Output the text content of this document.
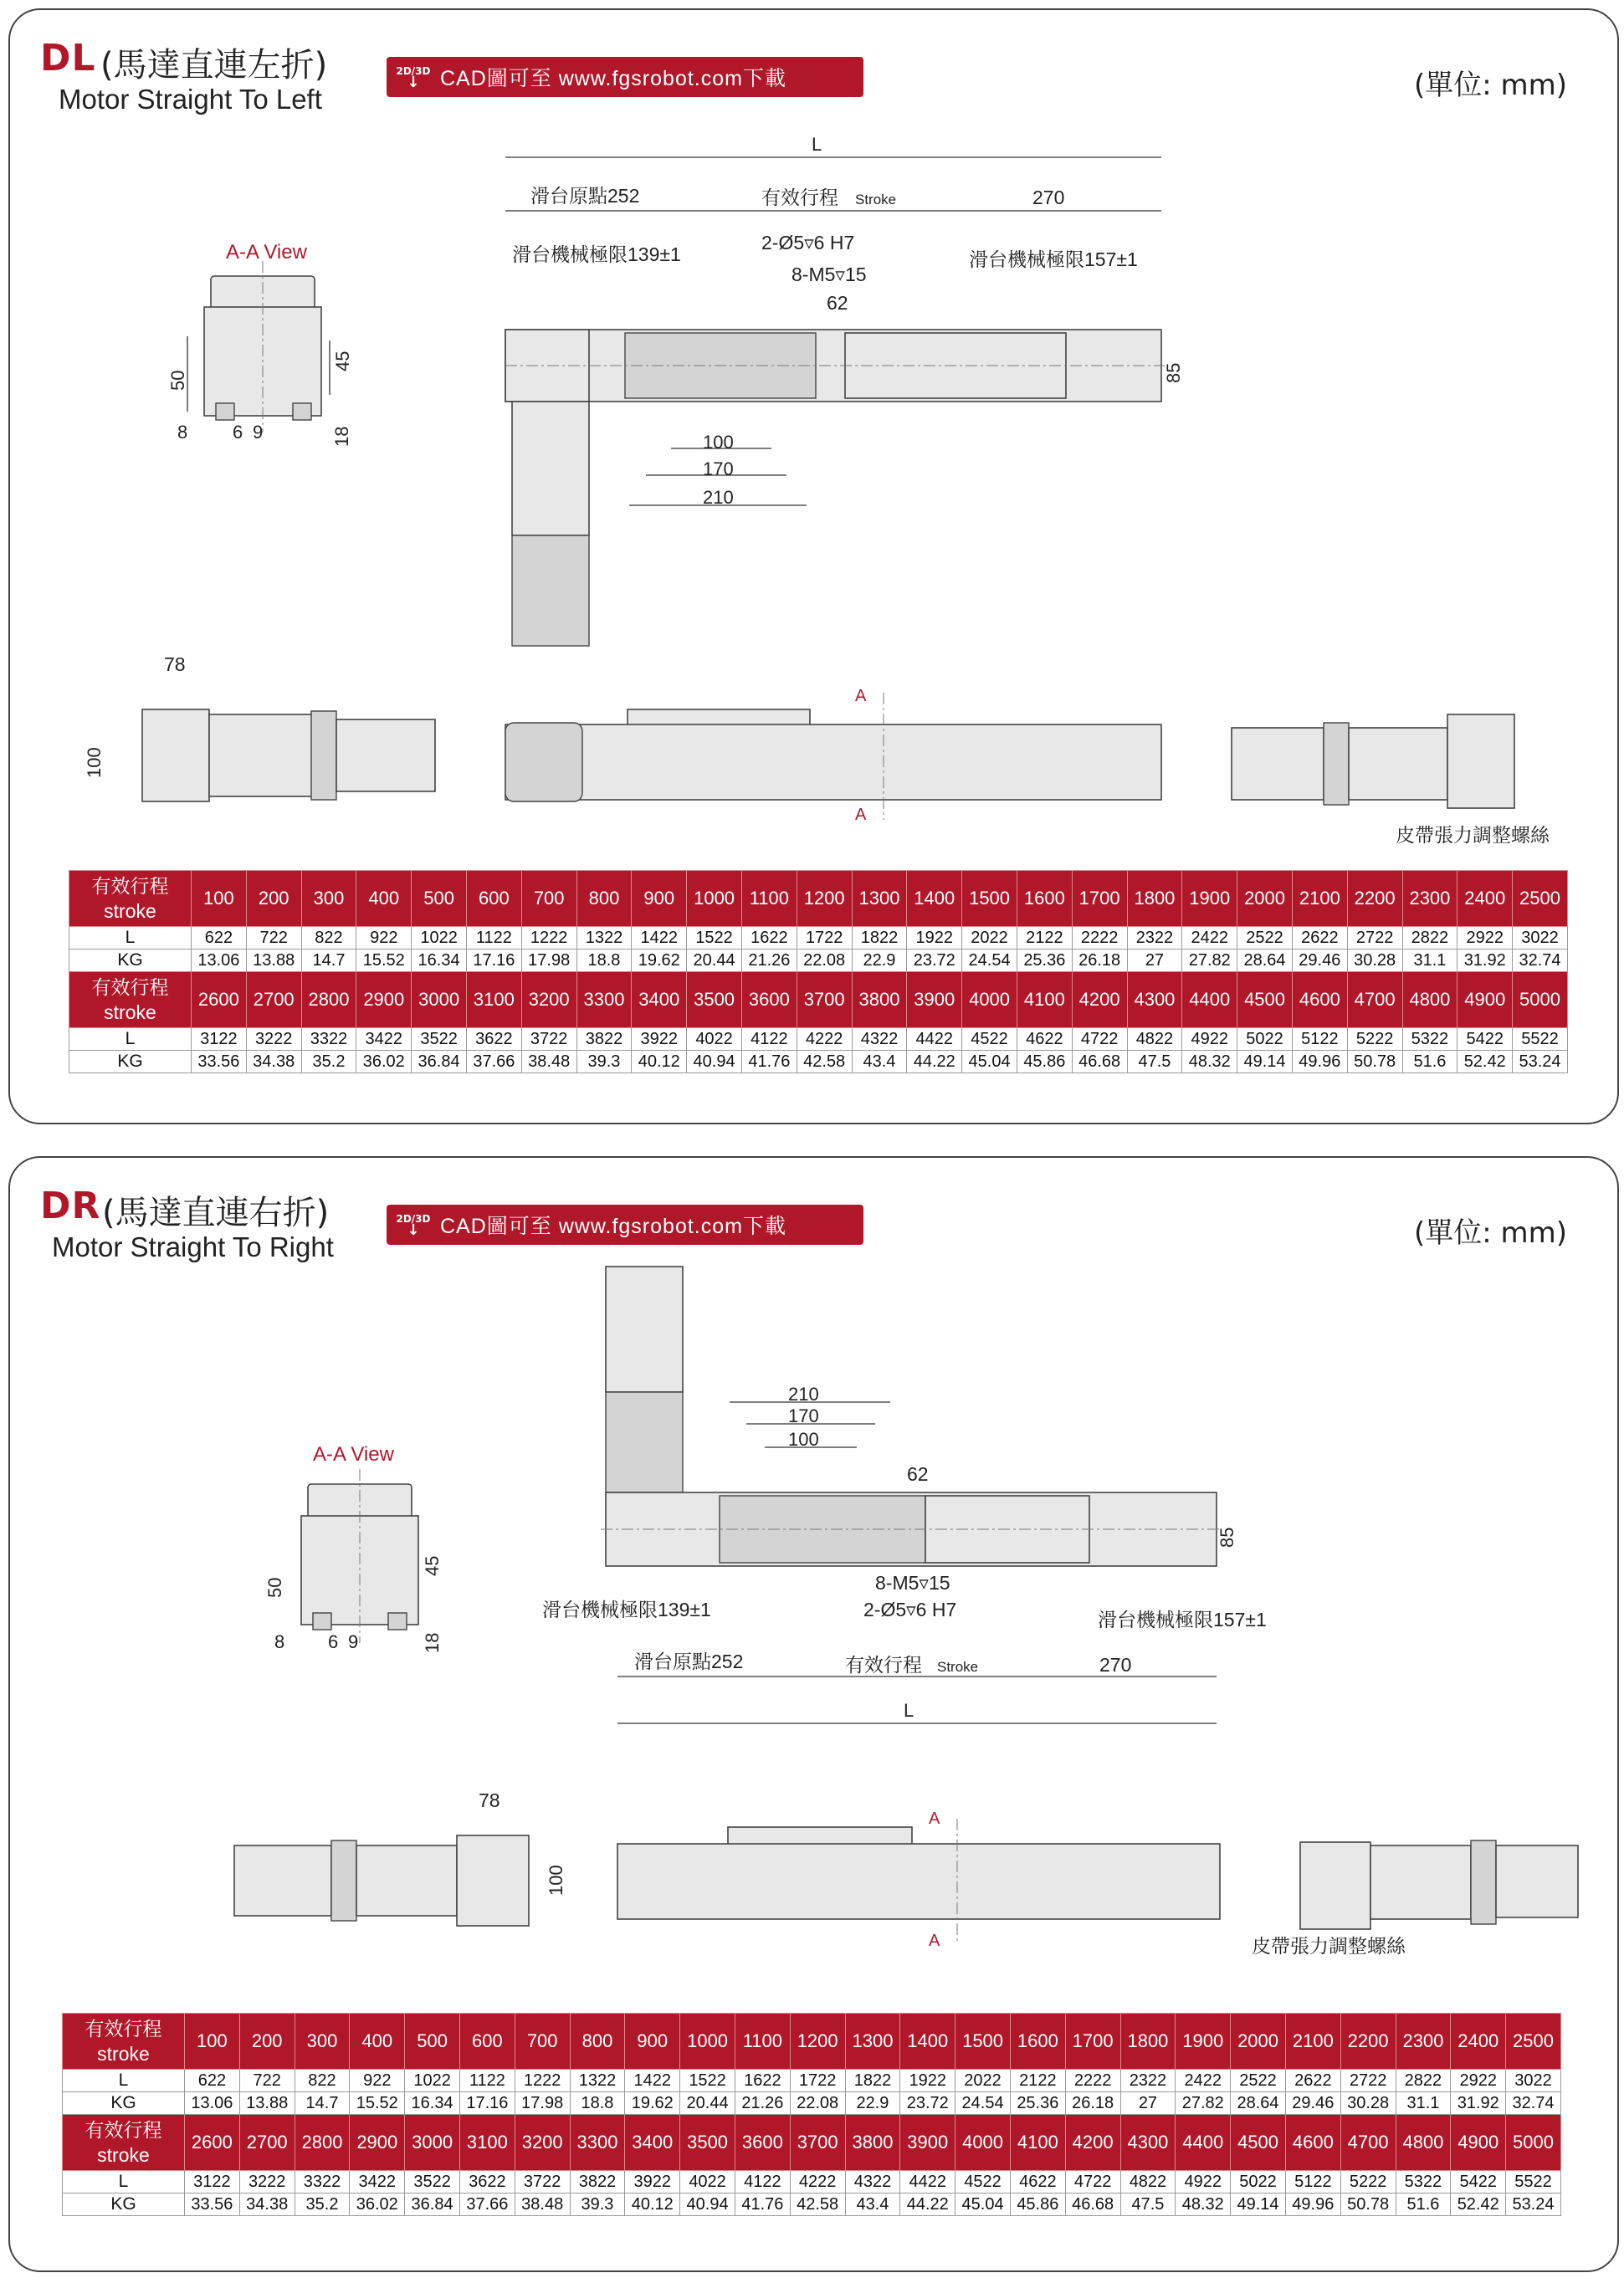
DL (馬達直連左折)
Motor Straight To Left
2D/3D
↓ CAD圖可至 www.fgsrobot.com下載	(單位: mm)
A-A View
50
45
8 6 9	18
L
滑台原點252	有效行程 Stroke	270
滑台機械極限139±1	滑台機械極限157±1
2-Ø5▿6 H7
8-M5▿15
62
85
100
170
210
78
100
A
A
皮帶張力調整螺絲
有效行程
stroke	100	200	300	400	500	600	700	800	900	1000	1100	1200	1300	1400	1500	1600	1700	1800	1900	2000	2100	2200	2300	2400	2500
L	622	722	822	922	1022	1122	1222	1322	1422	1522	1622	1722	1822	1922	2022	2122	2222	2322	2422	2522	2622	2722	2822	2922	3022
KG	13.06	13.88	14.7	15.52	16.34	17.16	17.98	18.8	19.62	20.44	21.26	22.08	22.9	23.72	24.54	25.36	26.18	27	27.82	28.64	29.46	30.28	31.1	31.92	32.74
有效行程
stroke	2600	2700	2800	2900	3000	3100	3200	3300	3400	3500	3600	3700	3800	3900	4000	4100	4200	4300	4400	4500	4600	4700	4800	4900	5000
L	3122	3222	3322	3422	3522	3622	3722	3822	3922	4022	4122	4222	4322	4422	4522	4622	4722	4822	4922	5022	5122	5222	5322	5422	5522
KG	33.56	34.38	35.2	36.02	36.84	37.66	38.48	39.3	40.12	40.94	41.76	42.58	43.4	44.22	45.04	45.86	46.68	47.5	48.32	49.14	49.96	50.78	51.6	52.42	53.24
DR (馬達直連右折)
Motor Straight To Right
2D/3D
↓ CAD圖可至 www.fgsrobot.com下載	(單位: mm)
210
170
100
62
85
8-M5▿15
2-Ø5▿6 H7
滑台機械極限139±1	滑台機械極限157±1
滑台原點252	有效行程 Stroke	270
L
A-A View
50
45
8 6 9	18
78
100
A
A	皮帶張力調整螺絲
有效行程
stroke	100	200	300	400	500	600	700	800	900	1000	1100	1200	1300	1400	1500	1600	1700	1800	1900	2000	2100	2200	2300	2400	2500
L	622	722	822	922	1022	1122	1222	1322	1422	1522	1622	1722	1822	1922	2022	2122	2222	2322	2422	2522	2622	2722	2822	2922	3022
KG	13.06	13.88	14.7	15.52	16.34	17.16	17.98	18.8	19.62	20.44	21.26	22.08	22.9	23.72	24.54	25.36	26.18	27	27.82	28.64	29.46	30.28	31.1	31.92	32.74
有效行程
stroke	2600	2700	2800	2900	3000	3100	3200	3300	3400	3500	3600	3700	3800	3900	4000	4100	4200	4300	4400	4500	4600	4700	4800	4900	5000
L	3122	3222	3322	3422	3522	3622	3722	3822	3922	4022	4122	4222	4322	4422	4522	4622	4722	4822	4922	5022	5122	5222	5322	5422	5522
KG	33.56	34.38	35.2	36.02	36.84	37.66	38.48	39.3	40.12	40.94	41.76	42.58	43.4	44.22	45.04	45.86	46.68	47.5	48.32	49.14	49.96	50.78	51.6	52.42	53.24
